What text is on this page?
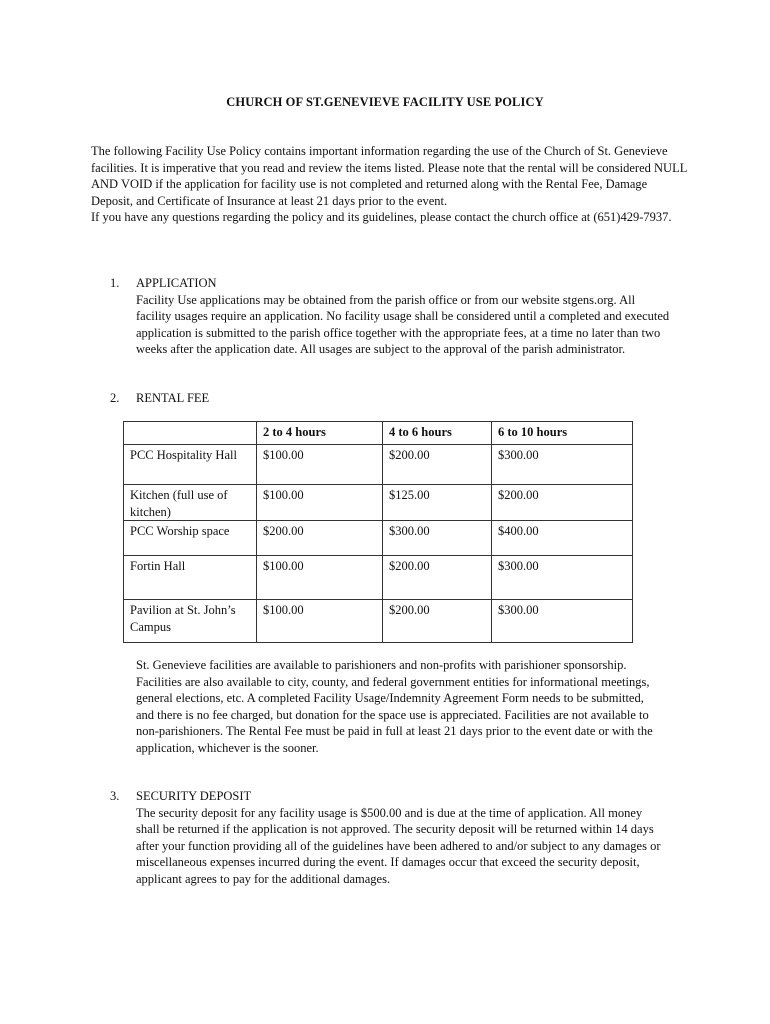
CHURCH OF ST.GENEVIEVE FACILITY USE POLICY

The following Facility Use Policy contains important information regarding the use of the Church of St. Genevieve facilities. It is imperative that you read and review the items listed. Please note that the rental will be considered NULL AND VOID if the application for facility use is not completed and returned along with the Rental Fee, Damage Deposit, and Certificate of Insurance at least 21 days prior to the event.

If you have any questions regarding the policy and its guidelines, please contact the church office at (651)429-7937.

1. APPLICATION

Facility Use applications may be obtained from the parish office or from our website stgens.org. All facility usages require an application. No facility usage shall be considered until a completed and executed application is submitted to the parish office together with the appropriate fees, at a time no later than two weeks after the application date. All usages are subject to the approval of the parish administrator.

2. RENTAL FEE
	2 to 4 hours	4 to 6 hours	6 to 10 hours
PCC Hospitality Hall	$100.00	$200.00	$300.00
Kitchen (full use of kitchen)	$100.00	$125.00	$200.00
PCC Worship space	$200.00	$300.00	$400.00
Fortin Hall	$100.00	$200.00	$300.00
Pavilion at St. John’s Campus	$100.00	$200.00	$300.00

St. Genevieve facilities are available to parishioners and non-profits with parishioner sponsorship. Facilities are also available to city, county, and federal government entities for informational meetings, general elections, etc. A completed Facility Usage/Indemnity Agreement Form needs to be submitted, and there is no fee charged, but donation for the space use is appreciated. Facilities are not available to non-parishioners. The Rental Fee must be paid in full at least 21 days prior to the event date or with the application, whichever is the sooner.

3. SECURITY DEPOSIT

The security deposit for any facility usage is $500.00 and is due at the time of application. All money shall be returned if the application is not approved. The security deposit will be returned within 14 days after your function providing all of the guidelines have been adhered to and/or subject to any damages or miscellaneous expenses incurred during the event. If damages occur that exceed the security deposit, applicant agrees to pay for the additional damages.
